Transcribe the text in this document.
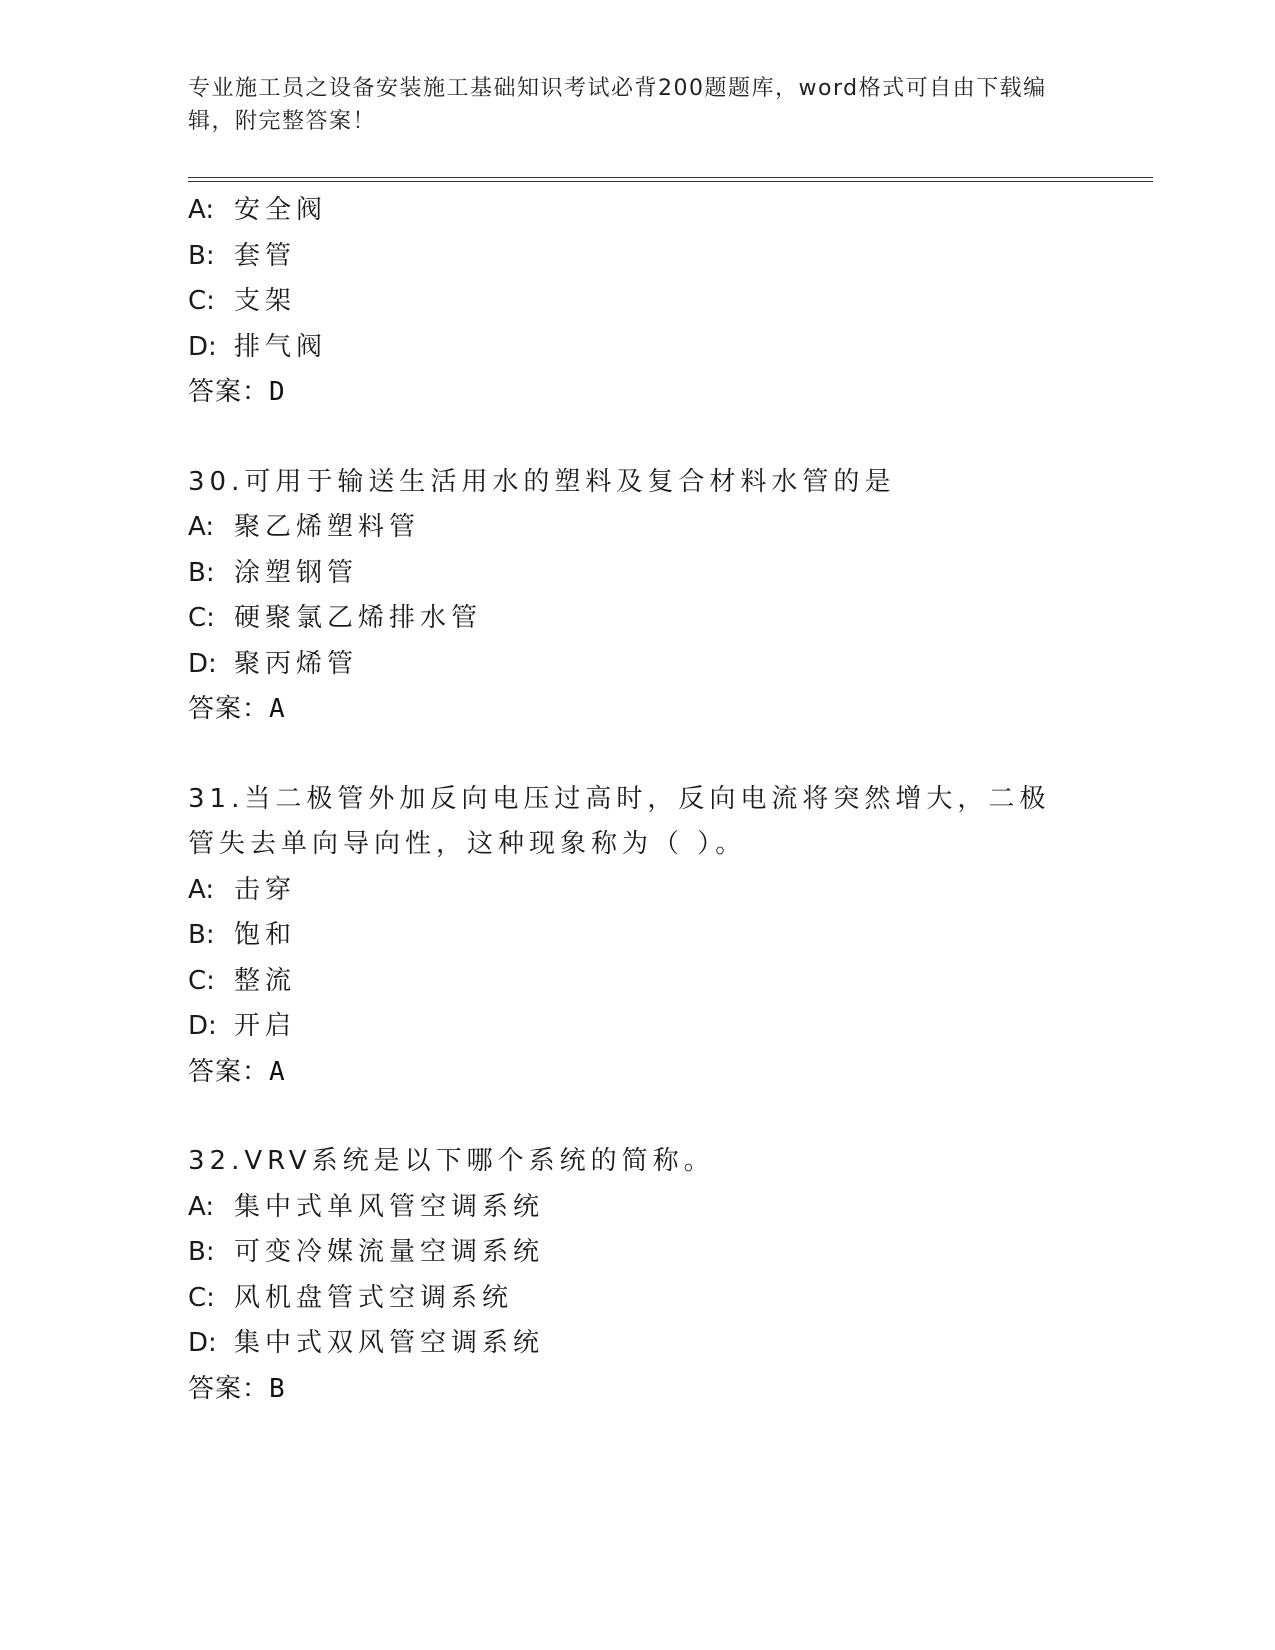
专业施工员之设备安装施工基础知识考试必背200题题库，word格式可自由下载编辑，附完整答案！
A: 安全阀
B: 套管
C: 支架
D: 排气阀
答案：D
30.可用于输送生活用水的塑料及复合材料水管的是
A: 聚乙烯塑料管
B: 涂塑钢管
C: 硬聚氯乙烯排水管
D: 聚丙烯管
答案：A
31.当二极管外加反向电压过高时，反向电流将突然增大，二极管失去单向导向性，这种现象称为（ ）。
A: 击穿
B: 饱和
C: 整流
D: 开启
答案：A
32.VRV系统是以下哪个系统的简称。
A: 集中式单风管空调系统
B: 可变冷媒流量空调系统
C: 风机盘管式空调系统
D: 集中式双风管空调系统
答案：B
